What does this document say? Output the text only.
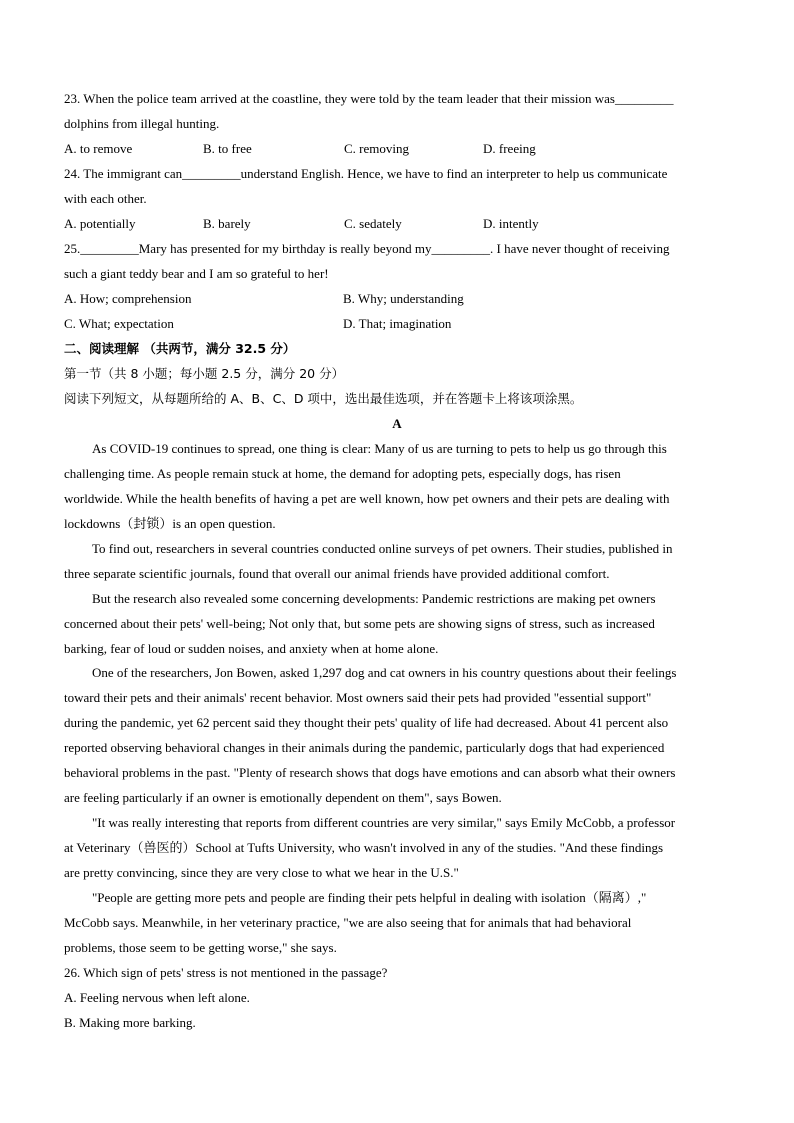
23. When the police team arrived at the coastline, they were told by the team leader that their mission was_________
dolphins from illegal hunting.
A. to remove	B. to free	C. removing	D. freeing
24. The immigrant can_________understand English. Hence, we have to find an interpreter to help us communicate
with each other.
A. potentially	B. barely	C. sedately	D. intently
25._________Mary has presented for my birthday is really beyond my_________. I have never thought of receiving
such a giant teddy bear and I am so grateful to her!
A. How; comprehension	B. Why; understanding
C. What; expectation	D. That; imagination
二、阅读理解 （共两节，满分 32.5 分）
第一节（共 8 小题；每小题 2.5 分，满分 20 分）
阅读下列短文，从每题所给的 A、B、C、D 项中，选出最佳选项，并在答题卡上将该项涂黑。
A
As COVID-19 continues to spread, one thing is clear: Many of us are turning to pets to help us go through this
challenging time. As people remain stuck at home, the demand for adopting pets, especially dogs, has risen
worldwide. While the health benefits of having a pet are well known, how pet owners and their pets are dealing with
lockdowns（封锁）is an open question.
To find out, researchers in several countries conducted online surveys of pet owners. Their studies, published in
three separate scientific journals, found that overall our animal friends have provided additional comfort.
But the research also revealed some concerning developments: Pandemic restrictions are making pet owners
concerned about their pets' well-being; Not only that, but some pets are showing signs of stress, such as increased
barking, fear of loud or sudden noises, and anxiety when at home alone.
One of the researchers, Jon Bowen, asked 1,297 dog and cat owners in his country questions about their feelings
toward their pets and their animals' recent behavior. Most owners said their pets had provided "essential support"
during the pandemic, yet 62 percent said they thought their pets' quality of life had decreased. About 41 percent also
reported observing behavioral changes in their animals during the pandemic, particularly dogs that had experienced
behavioral problems in the past. "Plenty of research shows that dogs have emotions and can absorb what their owners
are feeling particularly if an owner is emotionally dependent on them", says Bowen.
"It was really interesting that reports from different countries are very similar," says Emily McCobb, a professor
at Veterinary（兽医的）School at Tufts University, who wasn't involved in any of the studies. "And these findings
are pretty convincing, since they are very close to what we hear in the U.S."
"People are getting more pets and people are finding their pets helpful in dealing with isolation（隔离）,"
McCobb says. Meanwhile, in her veterinary practice, "we are also seeing that for animals that had behavioral
problems, those seem to be getting worse," she says.
26. Which sign of pets' stress is not mentioned in the passage?
A. Feeling nervous when left alone.
B. Making more barking.
